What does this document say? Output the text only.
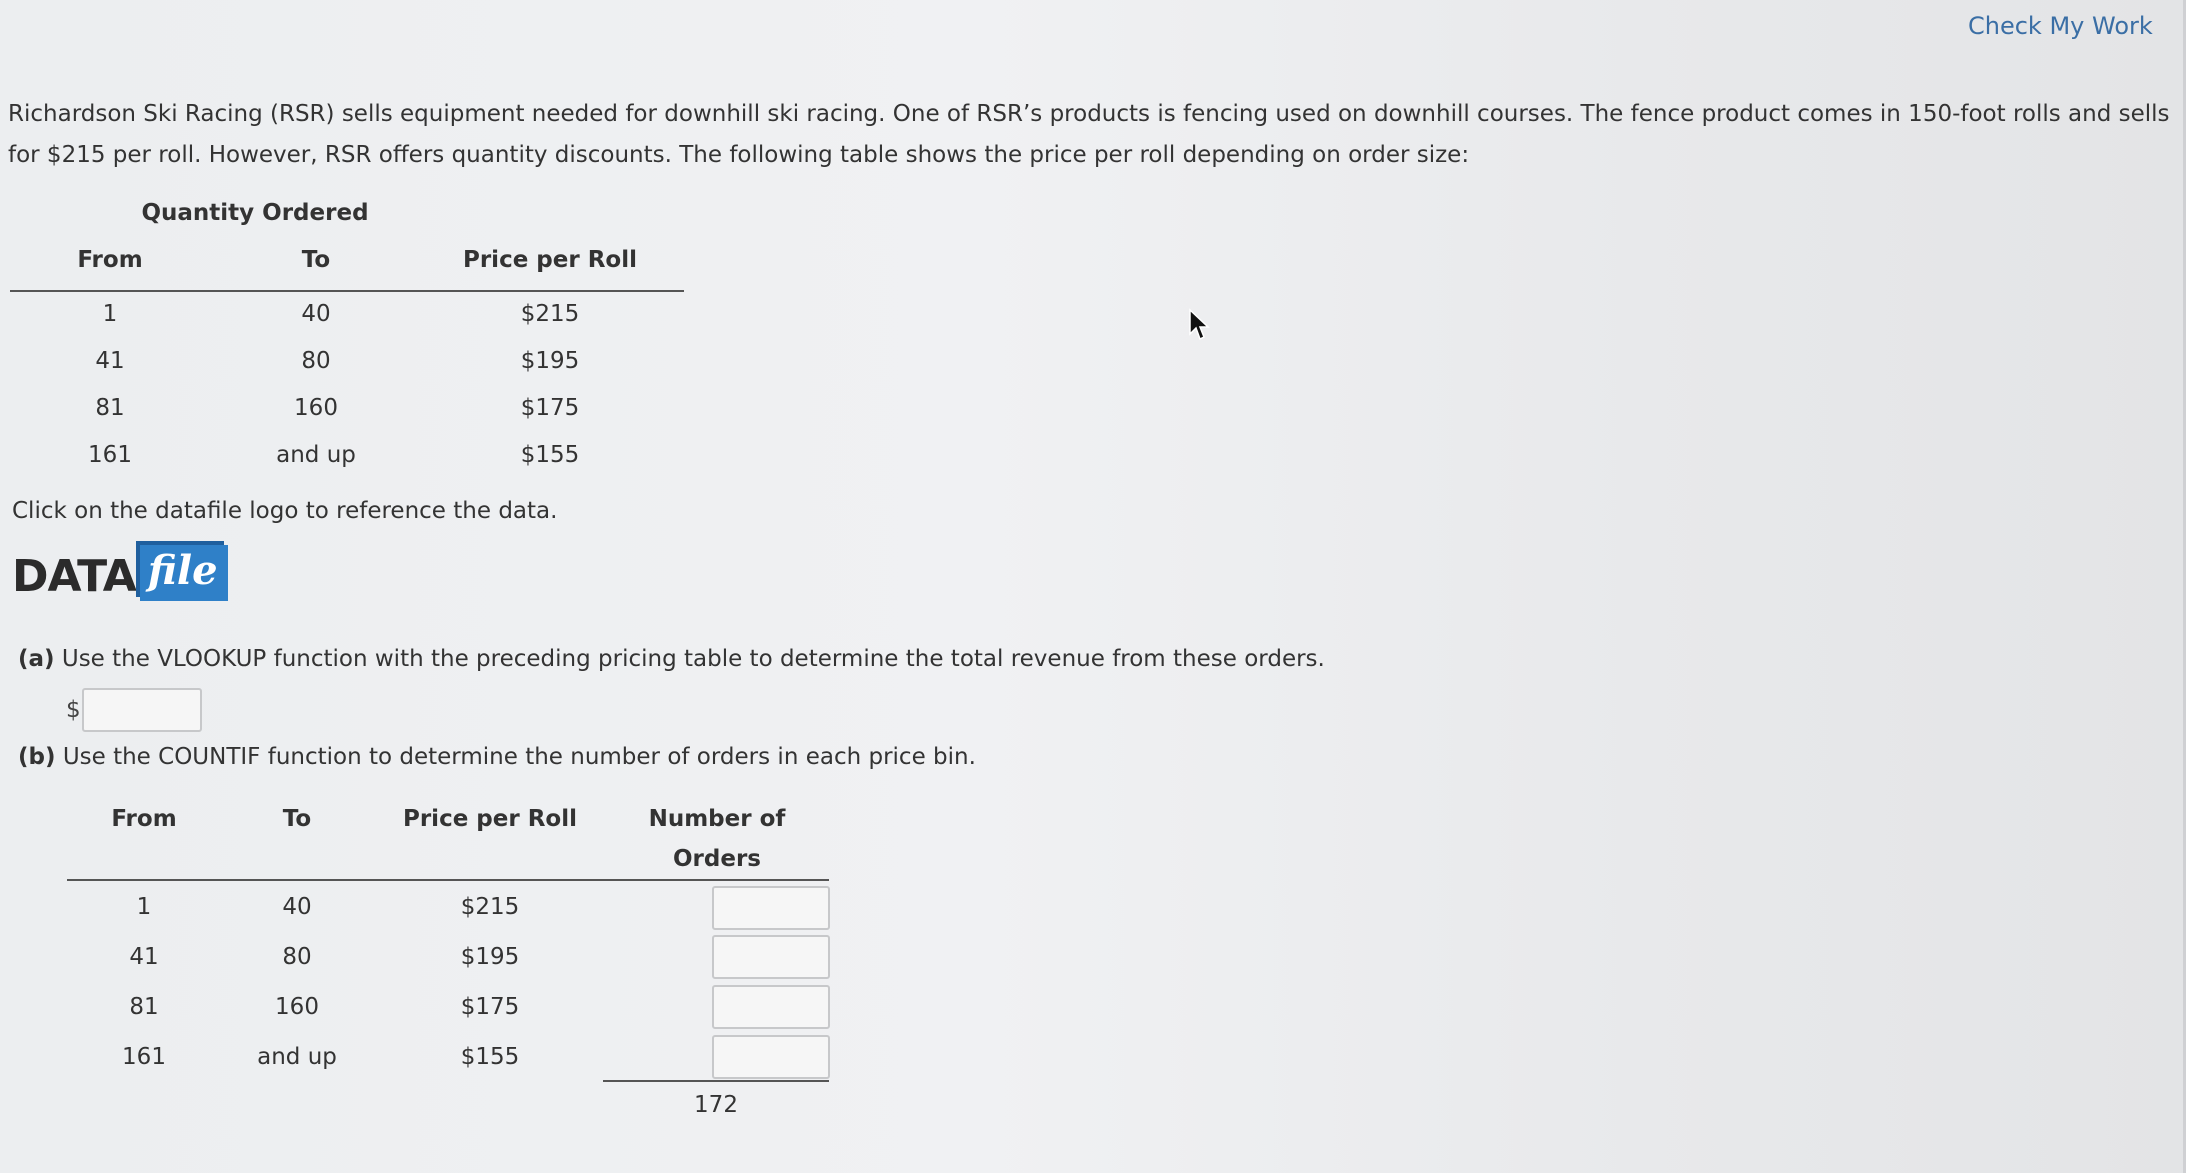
Check My Work
Richardson Ski Racing (RSR) sells equipment needed for downhill ski racing. One of RSR’s products is fencing used on downhill courses. The fence product comes in 150-foot rolls and sells for $215 per roll. However, RSR offers quantity discounts. The following table shows the price per roll depending on order size:
Quantity Ordered
From	To	Price per Roll
1	40	$215
41	80	$195
81	160	$175
161	and up	$155
Click on the datafile logo to reference the data.
DATA file
(a) Use the VLOOKUP function with the preceding pricing table to determine the total revenue from these orders.
$
(b) Use the COUNTIF function to determine the number of orders in each price bin.
From	To	Price per Roll	Number of
Orders
1	40	$215
41	80	$195
81	160	$175
161	and up	$155
172
